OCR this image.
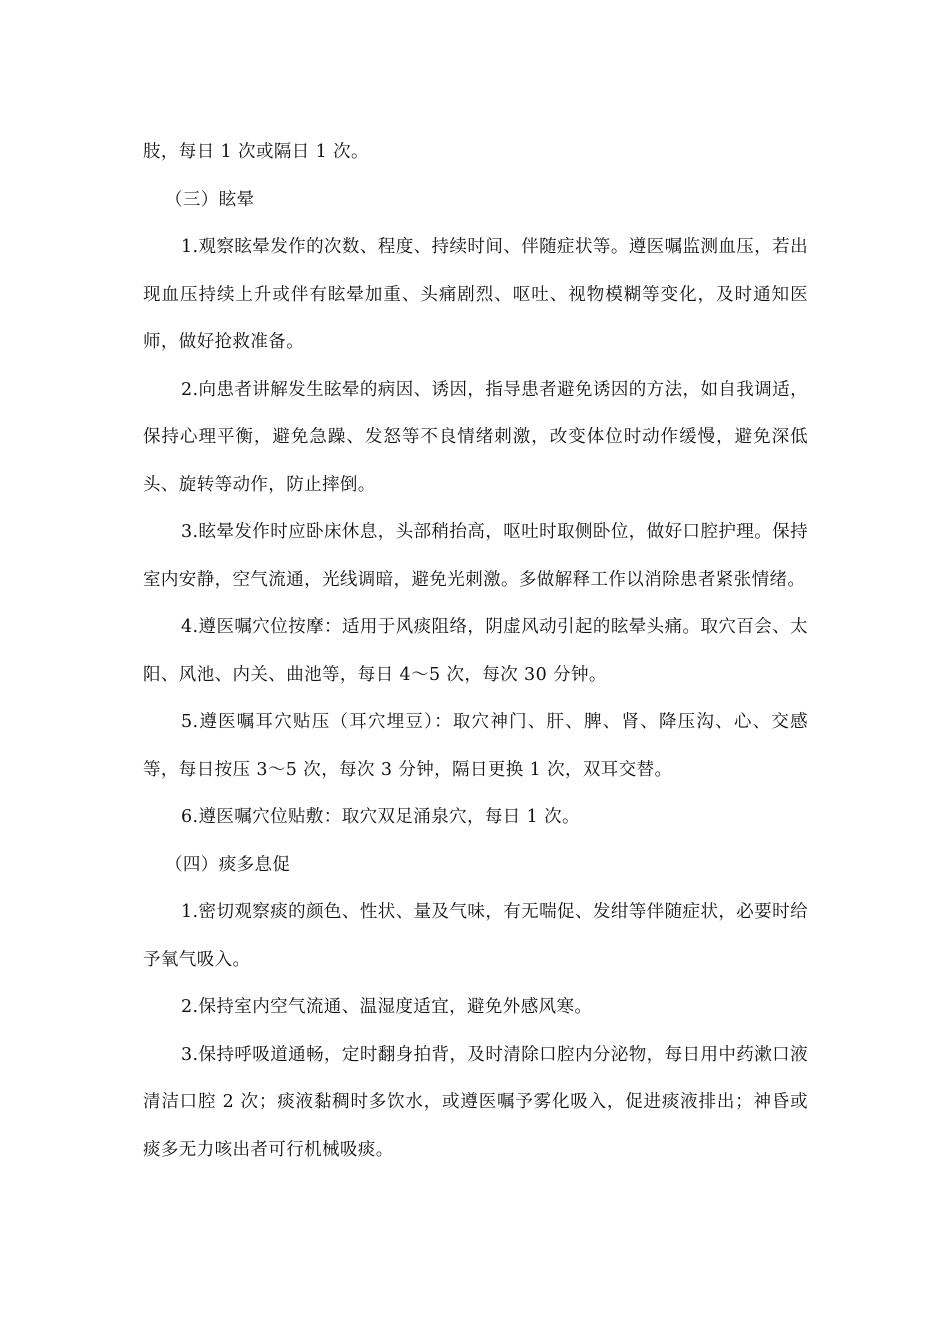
肢，每日 1 次或隔日 1 次。

（三）眩晕

1.观察眩晕发作的次数、程度、持续时间、伴随症状等。遵医嘱监测血压，若出现血压持续上升或伴有眩晕加重、头痛剧烈、呕吐、视物模糊等变化，及时通知医师，做好抢救准备。

2.向患者讲解发生眩晕的病因、诱因，指导患者避免诱因的方法，如自我调适，保持心理平衡，避免急躁、发怒等不良情绪刺激，改变体位时动作缓慢，避免深低头、旋转等动作，防止摔倒。

3.眩晕发作时应卧床休息，头部稍抬高，呕吐时取侧卧位，做好口腔护理。保持室内安静，空气流通，光线调暗，避免光刺激。多做解释工作以消除患者紧张情绪。

4.遵医嘱穴位按摩：适用于风痰阻络，阴虚风动引起的眩晕头痛。取穴百会、太阳、风池、内关、曲池等，每日 4～5 次，每次 30 分钟。

5.遵医嘱耳穴贴压（耳穴埋豆）：取穴神门、肝、脾、肾、降压沟、心、交感等，每日按压 3～5 次，每次 3 分钟，隔日更换 1 次，双耳交替。

6.遵医嘱穴位贴敷：取穴双足涌泉穴，每日 1 次。

（四）痰多息促

1.密切观察痰的颜色、性状、量及气味，有无喘促、发绀等伴随症状，必要时给予氧气吸入。

2.保持室内空气流通、温湿度适宜，避免外感风寒。

3.保持呼吸道通畅，定时翻身拍背，及时清除口腔内分泌物，每日用中药漱口液清洁口腔 2 次；痰液黏稠时多饮水，或遵医嘱予雾化吸入，促进痰液排出；神昏或痰多无力咳出者可行机械吸痰。
